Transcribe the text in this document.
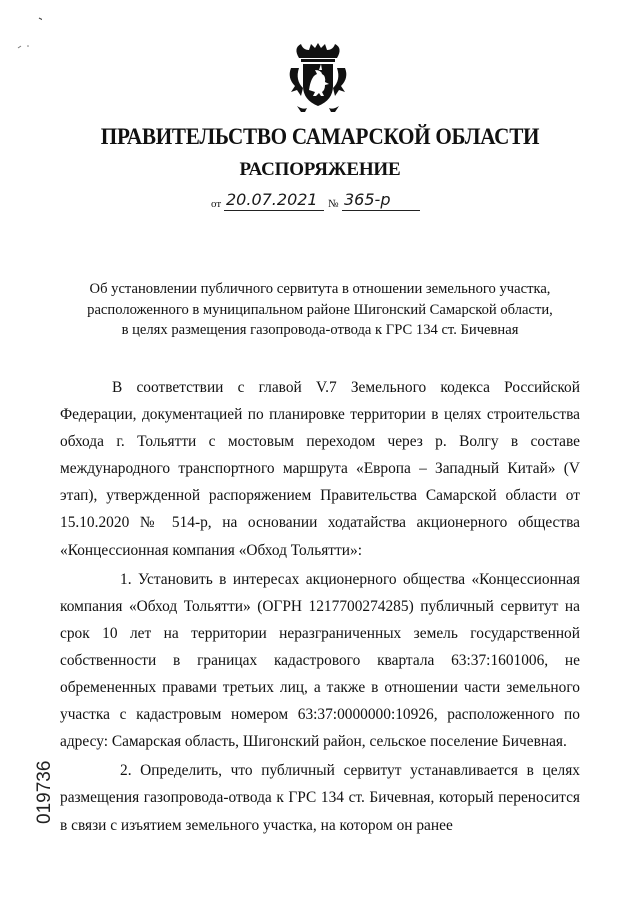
ПРАВИТЕЛЬСТВО САМАРСКОЙ ОБЛАСТИ
РАСПОРЯЖЕНИЕ
от 20.07.2021 № 365-р
Об установлении публичного сервитута в отношении земельного участка,
расположенного в муниципальном районе Шигонский Самарской области,
в целях размещения газопровода-отвода к ГРС 134 ст. Бичевная

В соответствии с главой V.7 Земельного кодекса Российской Федерации, документацией по планировке территории в целях строительства обхода г. Тольятти с мостовым переходом через р. Волгу в составе международного транспортного маршрута «Европа – Западный Китай» (V этап), утвержденной распоряжением Правительства Самарской области от 15.10.2020 № 514-р, на основании ходатайства акционерного общества «Концессионная компания «Обход Тольятти»:

1. Установить в интересах акционерного общества «Концессионная компания «Обход Тольятти» (ОГРН 1217700274285) публичный сервитут на срок 10 лет на территории неразграниченных земель государственной собственности в границах кадастрового квартала 63:37:1601006, не обремененных правами третьих лиц, а также в отношении части земельного участка с кадастровым номером 63:37:0000000:10926, расположенного по адресу: Самарская область, Шигонский район, сельское поселение Бичевная.

2. Определить, что публичный сервитут устанавливается в целях размещения газопровода-отвода к ГРС 134 ст. Бичевная, который переносится в связи с изъятием земельного участка, на котором он ранее

019736
